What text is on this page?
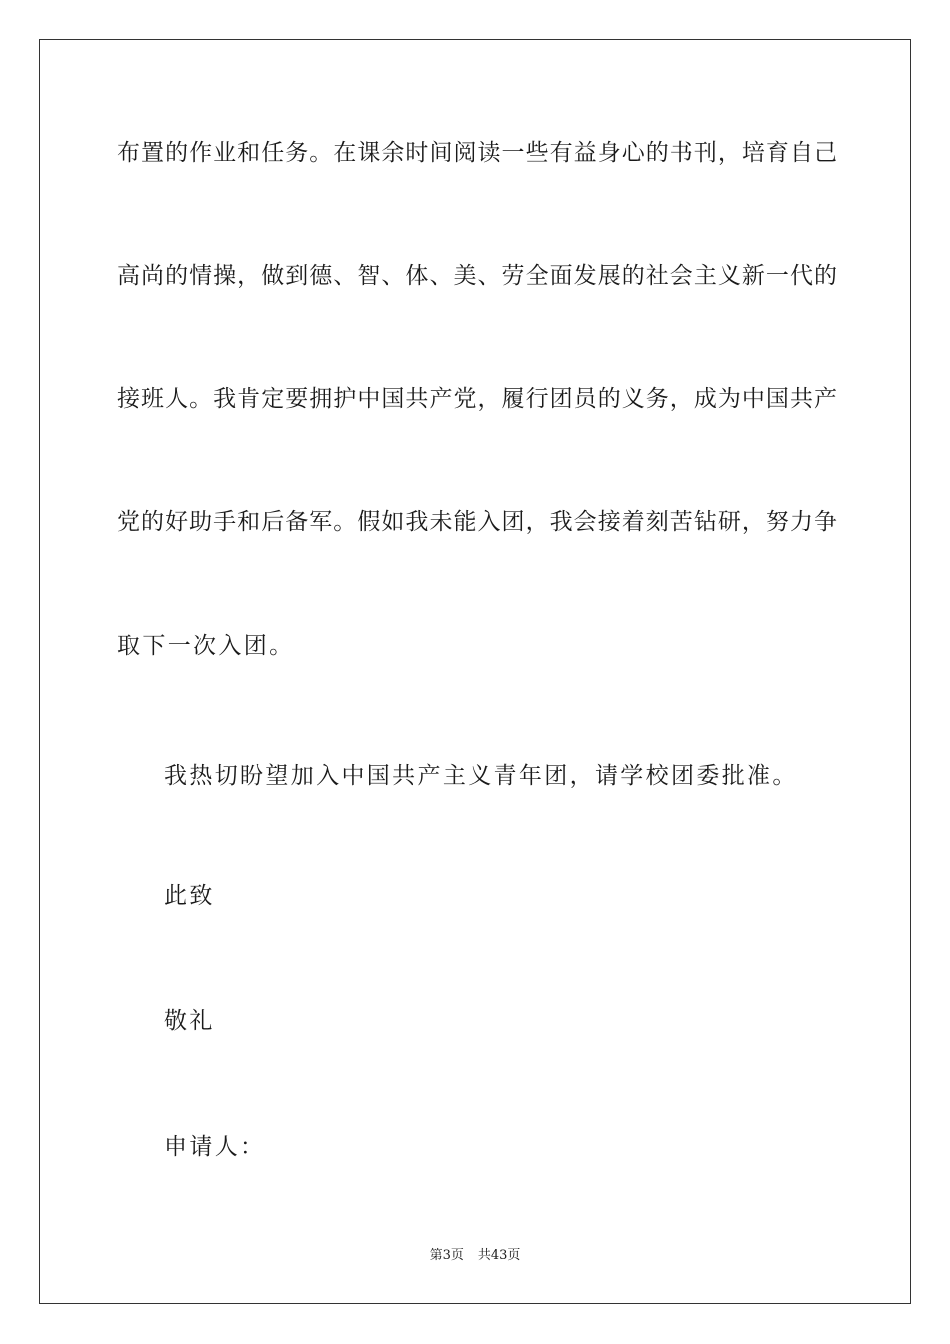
布置的作业和任务。在课余时间阅读一些有益身心的书刊，培育自己
高尚的情操，做到德、智、体、美、劳全面发展的社会主义新一代的
接班人。我肯定要拥护中国共产党，履行团员的义务，成为中国共产
党的好助手和后备军。假如我未能入团，我会接着刻苦钻研，努力争
取下一次入团。
我热切盼望加入中国共产主义青年团，请学校团委批准。
此致
敬礼
申请人：
第3页 共43页
